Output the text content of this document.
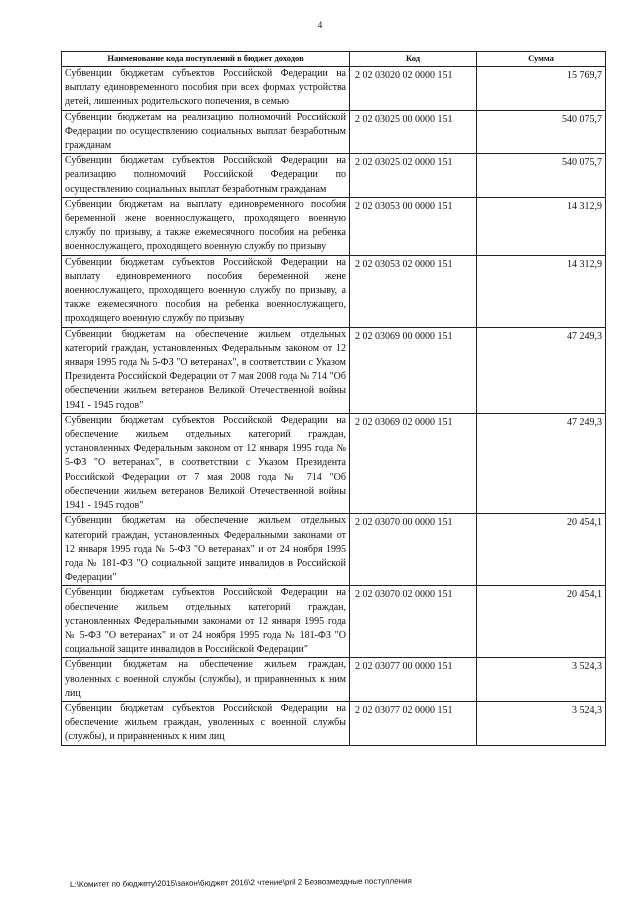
4
Наименование кода поступлений в бюджет доходов	Код	Сумма
Субвенции бюджетам субъектов Российской Федерации на выплату единовременного пособия при всех формах устройства детей, лишенных родительского попечения, в семью	2 02 03020 02 0000 151	15 769,7
Субвенции бюджетам на реализацию полномочий Российской Федерации по осуществлению социальных выплат безработным гражданам	2 02 03025 00 0000 151	540 075,7
Субвенции бюджетам субъектов Российской Федерации на реализацию полномочий Российской Федерации по осуществлению социальных выплат безработным гражданам	2 02 03025 02 0000 151	540 075,7
Субвенции бюджетам на выплату единовременного пособия беременной жене военнослужащего, проходящего военную службу по призыву, а также ежемесячного пособия на ребенка военнослужащего, проходящего военную службу по призыву	2 02 03053 00 0000 151	14 312,9
Субвенции бюджетам субъектов Российской Федерации на выплату единовременного пособия беременной жене военнослужащего, проходящего военную службу по призыву, а также ежемесячного пособия на ребенка военнослужащего, проходящего военную службу по призыву	2 02 03053 02 0000 151	14 312,9
Субвенции бюджетам на обеспечение жильем отдельных категорий граждан, установленных Федеральным законом от 12 января 1995 года № 5-ФЗ "О ветеранах", в соответствии с Указом Президента Российской Федерации от 7 мая 2008 года № 714 "Об обеспечении жильем ветеранов Великой Отечественной войны 1941 - 1945 годов"	2 02 03069 00 0000 151	47 249,3
Субвенции бюджетам субъектов Российской Федерации на обеспечение жильем отдельных категорий граждан, установленных Федеральным законом от 12 января 1995 года № 5-ФЗ "О ветеранах", в соответствии с Указом Президента Российской Федерации от 7 мая 2008 года № 714 "Об обеспечении жильем ветеранов Великой Отечественной войны 1941 - 1945 годов"	2 02 03069 02 0000 151	47 249,3
Субвенции бюджетам на обеспечение жильем отдельных категорий граждан, установленных Федеральными законами от 12 января 1995 года № 5-ФЗ "О ветеранах" и от 24 ноября 1995 года № 181-ФЗ "О социальной защите инвалидов в Российской Федерации"	2 02 03070 00 0000 151	20 454,1
Субвенции бюджетам субъектов Российской Федерации на обеспечение жильем отдельных категорий граждан, установленных Федеральными законами от 12 января 1995 года № 5-ФЗ "О ветеранах" и от 24 ноября 1995 года № 181-ФЗ "О социальной защите инвалидов в Российской Федерации"	2 02 03070 02 0000 151	20 454,1
Субвенции бюджетам на обеспечение жильем граждан, уволенных с военной службы (службы), и приравненных к ним лиц	2 02 03077 00 0000 151	3 524,3
Субвенции бюджетам субъектов Российской Федерации на обеспечение жильем граждан, уволенных с военной службы (службы), и приравненных к ним лиц	2 02 03077 02 0000 151	3 524,3
L:\Комитет по бюджету\2015\закон\бюджет 2016\2 чтение\pril 2 Безвозмездные поступления
